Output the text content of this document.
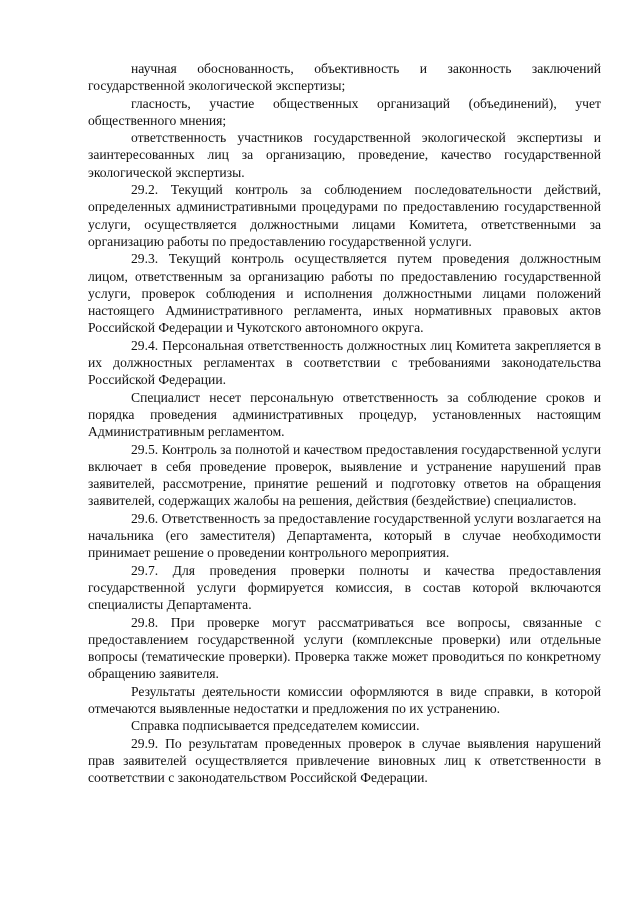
научная обоснованность, объективность и законность заключений государственной экологической экспертизы;

гласность, участие общественных организаций (объединений), учет общественного мнения;

ответственность участников государственной экологической экспертизы и заинтересованных лиц за организацию, проведение, качество государственной экологической экспертизы.

29.2. Текущий контроль за соблюдением последовательности действий, определенных административными процедурами по предоставлению государственной услуги, осуществляется должностными лицами Комитета, ответственными за организацию работы по предоставлению государственной услуги.

29.3. Текущий контроль осуществляется путем проведения должностным лицом, ответственным за организацию работы по предоставлению государственной услуги, проверок соблюдения и исполнения должностными лицами положений настоящего Административного регламента, иных нормативных правовых актов Российской Федерации и Чукотского автономного округа.

29.4. Персональная ответственность должностных лиц Комитета закрепляется в их должностных регламентах в соответствии с требованиями законодательства Российской Федерации.

Специалист несет персональную ответственность за соблюдение сроков и порядка проведения административных процедур, установленных настоящим Административным регламентом.

29.5. Контроль за полнотой и качеством предоставления государственной услуги включает в себя проведение проверок, выявление и устранение нарушений прав заявителей, рассмотрение, принятие решений и подготовку ответов на обращения заявителей, содержащих жалобы на решения, действия (бездействие) специалистов.

29.6. Ответственность за предоставление государственной услуги возлагается на начальника (его заместителя) Департамента, который в случае необходимости принимает решение о проведении контрольного мероприятия.

29.7. Для проведения проверки полноты и качества предоставления государственной услуги формируется комиссия, в состав которой включаются специалисты Департамента.

29.8. При проверке могут рассматриваться все вопросы, связанные с предоставлением государственной услуги (комплексные проверки) или отдельные вопросы (тематические проверки). Проверка также может проводиться по конкретному обращению заявителя.

Результаты деятельности комиссии оформляются в виде справки, в которой отмечаются выявленные недостатки и предложения по их устранению.

Справка подписывается председателем комиссии.

29.9. По результатам проведенных проверок в случае выявления нарушений прав заявителей осуществляется привлечение виновных лиц к ответственности в соответствии с законодательством Российской Федерации.
